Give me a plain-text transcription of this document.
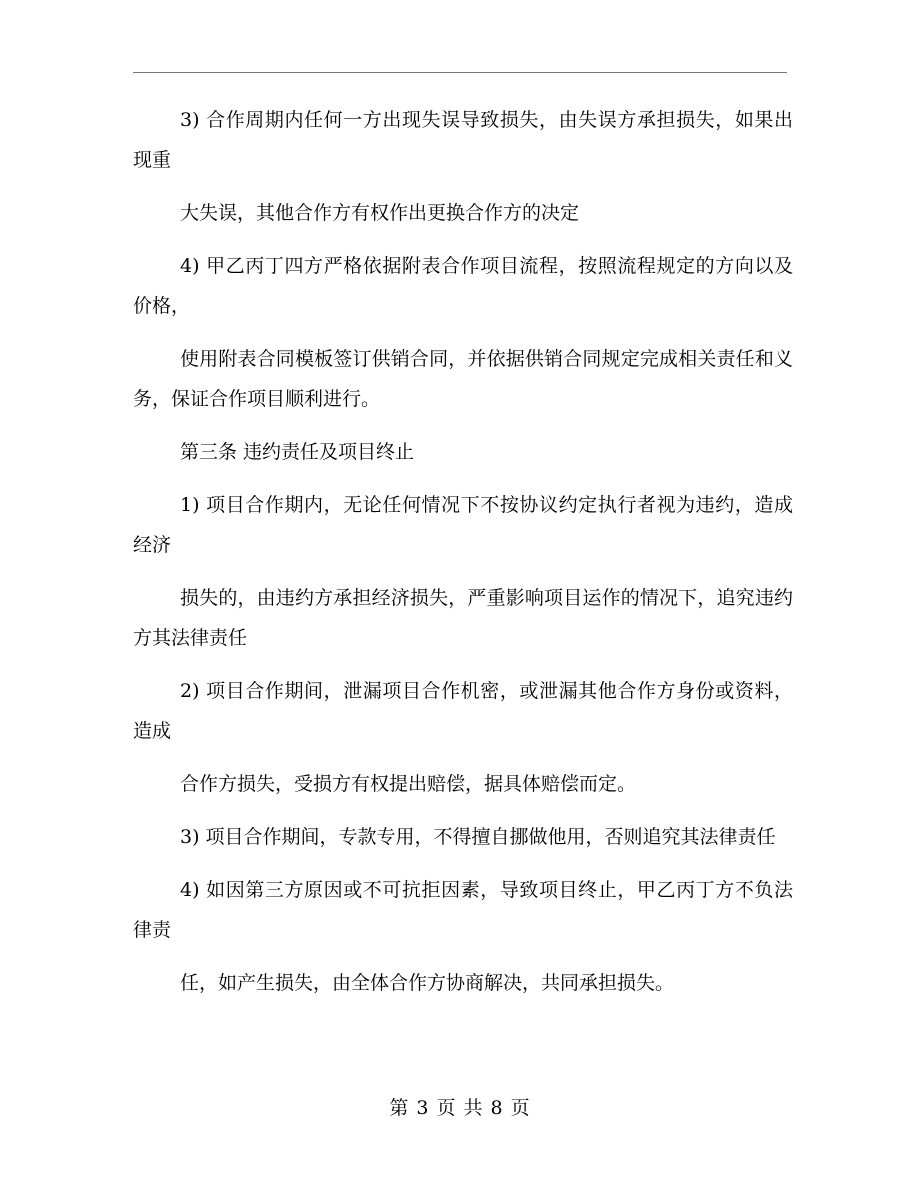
3) 合作周期内任何一方出现失误导致损失，由失误方承担损失，如果出现重

大失误，其他合作方有权作出更换合作方的决定

4) 甲乙丙丁四方严格依据附表合作项目流程，按照流程规定的方向以及价格，

使用附表合同模板签订供销合同，并依据供销合同规定完成相关责任和义务，保证合作项目顺利进行。

第三条 违约责任及项目终止

1) 项目合作期内，无论任何情况下不按协议约定执行者视为违约，造成经济

损失的，由违约方承担经济损失，严重影响项目运作的情况下，追究违约方其法律责任

2) 项目合作期间，泄漏项目合作机密，或泄漏其他合作方身份或资料，造成

合作方损失，受损方有权提出赔偿，据具体赔偿而定。

3) 项目合作期间，专款专用，不得擅自挪做他用，否则追究其法律责任

4) 如因第三方原因或不可抗拒因素，导致项目终止，甲乙丙丁方不负法律责

任，如产生损失，由全体合作方协商解决，共同承担损失。

第 3 页 共 8 页
